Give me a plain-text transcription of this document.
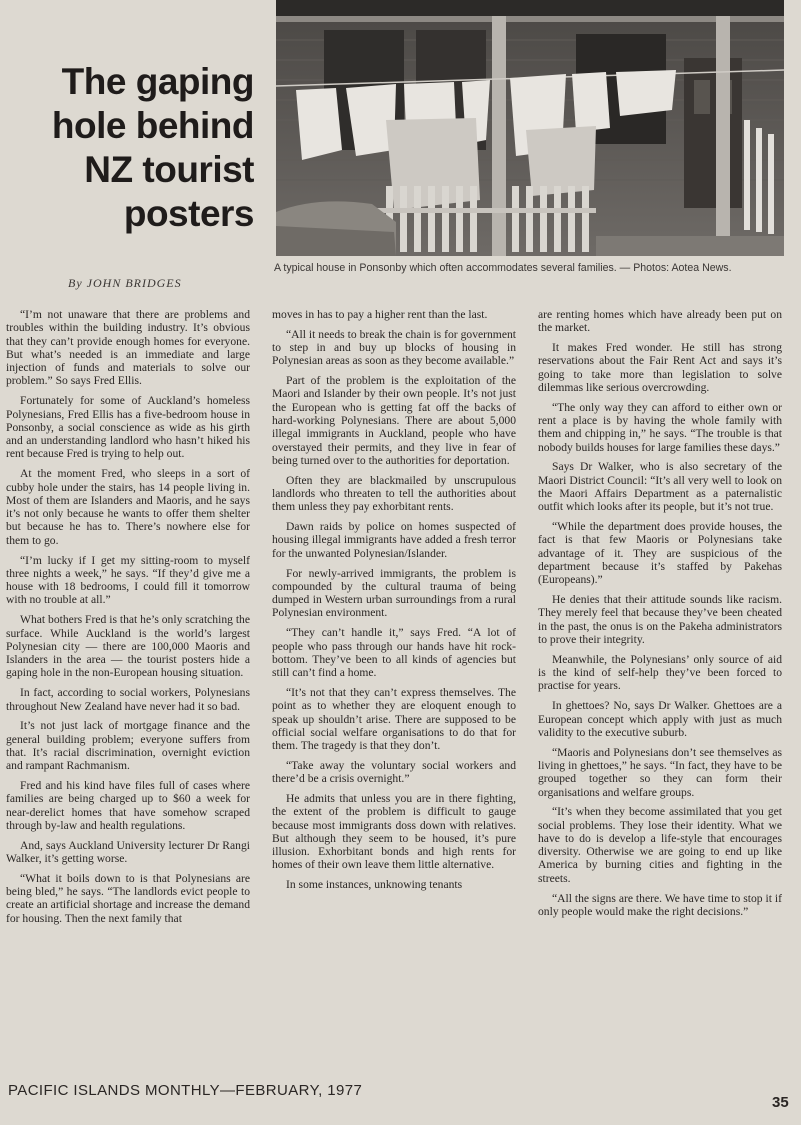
The gaping
hole behind
NZ tourist
posters
A typical house in Ponsonby which often accommodates several families. — Photos: Aotea News.
By JOHN BRIDGES

“I’m not unaware that there are problems and troubles within the building industry. It’s obvious that they can’t provide enough homes for everyone. But what’s needed is an immediate and large injection of funds and materials to solve our problem.” So says Fred Ellis.

Fortunately for some of Auckland’s homeless Polynesians, Fred Ellis has a five-bedroom house in Ponsonby, a social conscience as wide as his girth and an understanding landlord who hasn’t hiked his rent because Fred is trying to help out.

At the moment Fred, who sleeps in a sort of cubby hole under the stairs, has 14 people living in. Most of them are Islanders and Maoris, and he says it’s not only because he wants to offer them shelter but because he has to. There’s nowhere else for them to go.

“I’m lucky if I get my sitting-room to myself three nights a week,” he says. “If they’d give me a house with 18 bedrooms, I could fill it tomorrow with no trouble at all.”

What bothers Fred is that he’s only scratching the surface. While Auckland is the world’s largest Polynesian city — there are 100,000 Maoris and Islanders in the area — the tourist posters hide a gaping hole in the non-European housing situation.

In fact, according to social workers, Polynesians throughout New Zealand have never had it so bad.

It’s not just lack of mortgage finance and the general building problem; everyone suffers from that. It’s racial discrimination, overnight eviction and rampant Rachmanism.

Fred and his kind have files full of cases where families are being charged up to $60 a week for near-derelict homes that have somehow scraped through by-law and health regulations.

And, says Auckland University lecturer Dr Rangi Walker, it’s getting worse.

“What it boils down to is that Polynesians are being bled,” he says. “The landlords evict people to create an artificial shortage and increase the demand for housing. Then the next family that

moves in has to pay a higher rent than the last.

“All it needs to break the chain is for government to step in and buy up blocks of housing in Polynesian areas as soon as they become available.”

Part of the problem is the exploitation of the Maori and Islander by their own people. It’s not just the European who is getting fat off the backs of hard-working Polynesians. There are about 5,000 illegal immigrants in Auckland, people who have overstayed their permits, and they live in fear of being turned over to the authorities for deportation.

Often they are blackmailed by unscrupulous landlords who threaten to tell the authorities about them unless they pay exhorbitant rents.

Dawn raids by police on homes suspected of housing illegal immigrants have added a fresh terror for the unwanted Polynesian/Islander.

For newly-arrived immigrants, the problem is compounded by the cultural trauma of being dumped in Western urban surroundings from a rural Polynesian environment.

“They can’t handle it,” says Fred. “A lot of people who pass through our hands have hit rock-bottom. They’ve been to all kinds of agencies but still can’t find a home.

“It’s not that they can’t express themselves. The point as to whether they are eloquent enough to speak up shouldn’t arise. There are supposed to be official social welfare organisations to do that for them. The tragedy is that they don’t.

“Take away the voluntary social workers and there’d be a crisis overnight.”

He admits that unless you are in there fighting, the extent of the problem is difficult to gauge because most immigrants doss down with relatives. But although they seem to be housed, it’s pure illusion. Exhorbitant bonds and high rents for homes of their own leave them little alternative.

In some instances, unknowing tenants

are renting homes which have already been put on the market.

It makes Fred wonder. He still has strong reservations about the Fair Rent Act and says it’s going to take more than legislation to solve dilemmas like serious overcrowding.

“The only way they can afford to either own or rent a place is by having the whole family with them and chipping in,” he says. “The trouble is that nobody builds houses for large families these days.”

Says Dr Walker, who is also secretary of the Maori District Council: “It’s all very well to look on the Maori Affairs Department as a paternalistic outfit which looks after its people, but it’s not true.

“While the department does provide houses, the fact is that few Maoris or Polynesians take advantage of it. They are suspicious of the department because it’s staffed by Pakehas (Europeans).”

He denies that their attitude sounds like racism. They merely feel that because they’ve been cheated in the past, the onus is on the Pakeha administrators to prove their integrity.

Meanwhile, the Polynesians’ only source of aid is the kind of self-help they’ve been forced to practise for years.

In ghettoes? No, says Dr Walker. Ghettoes are a European concept which apply with just as much validity to the executive suburb.

“Maoris and Polynesians don’t see themselves as living in ghettoes,” he says. “In fact, they have to be grouped together so they can form their organisations and welfare groups.

“It’s when they become assimilated that you get social problems. They lose their identity. What we have to do is develop a life-style that encourages diversity. Otherwise we are going to end up like America by burning cities and fighting in the streets.

“All the signs are there. We have time to stop it if only people would make the right decisions.”

PACIFIC ISLANDS MONTHLY—FEBRUARY, 1977
35
